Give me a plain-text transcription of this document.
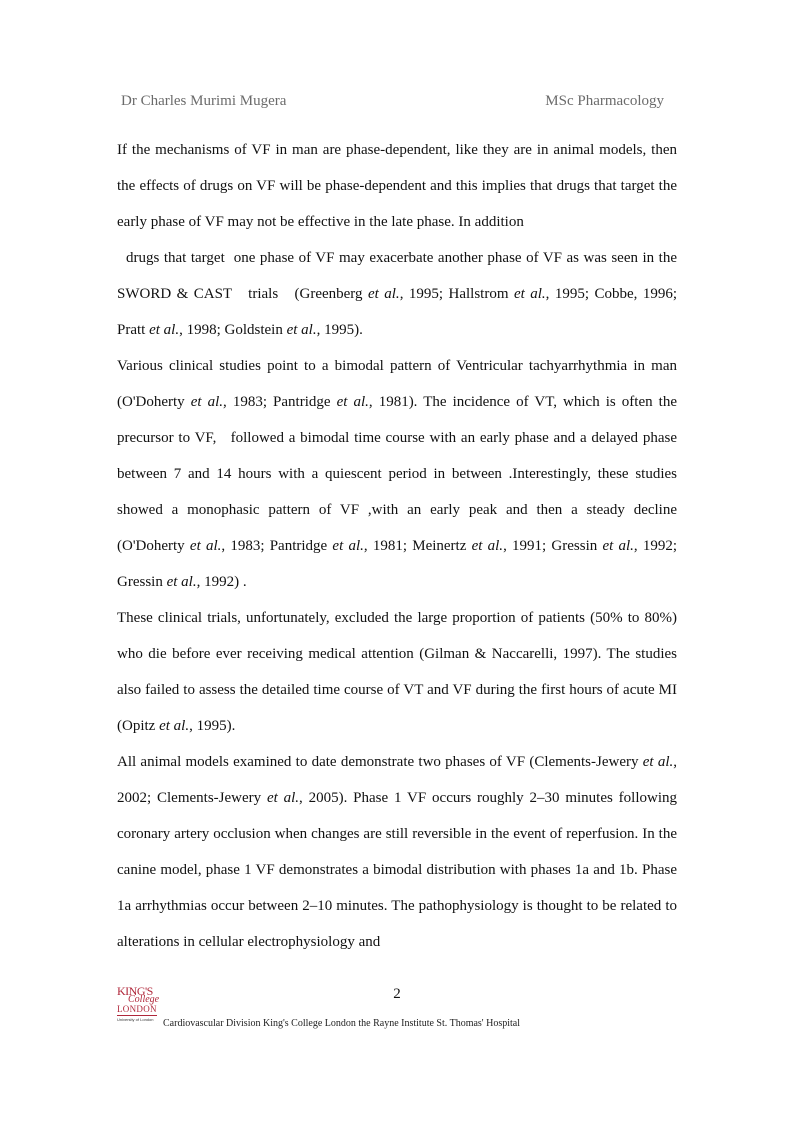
Dr Charles Murimi Mugera	MSc Pharmacology

If the mechanisms of VF in man are phase-dependent, like they are in animal models, then the effects of drugs on VF will be phase-dependent and this implies that drugs that target the early phase of VF may not be effective in the late phase. In addition
drugs that target  one phase of VF may exacerbate another phase of VF as was seen in the SWORD & CAST   trials   (Greenberg et al., 1995; Hallstrom et al., 1995; Cobbe, 1996; Pratt et al., 1998; Goldstein et al., 1995).

Various clinical studies point to a bimodal pattern of Ventricular tachyarrhythmia in man (O'Doherty et al., 1983; Pantridge et al., 1981). The incidence of VT, which is often the precursor to VF,   followed a bimodal time course with an early phase and a delayed phase between 7 and 14 hours with a quiescent period in between .Interestingly, these studies showed a monophasic pattern of VF ,with an early peak and then a steady decline (O'Doherty et al., 1983; Pantridge et al., 1981; Meinertz et al., 1991; Gressin et al., 1992; Gressin et al., 1992) .

These clinical trials, unfortunately, excluded the large proportion of patients (50% to 80%) who die before ever receiving medical attention (Gilman & Naccarelli, 1997). The studies also failed to assess the detailed time course of VT and VF during the first hours of acute MI (Opitz et al., 1995).

All animal models examined to date demonstrate two phases of VF (Clements-Jewery et al., 2002; Clements-Jewery et al., 2005). Phase 1 VF occurs roughly 2–30 minutes following coronary artery occlusion when changes are still reversible in the event of reperfusion. In the canine model, phase 1 VF demonstrates a bimodal distribution with phases 1a and 1b. Phase 1a arrhythmias occur between 2–10 minutes. The pathophysiology is thought to be related to alterations in cellular electrophysiology and

2
KING'S
College
LONDON
University of London Cardiovascular Division King's College London the Rayne Institute St. Thomas' Hospital
